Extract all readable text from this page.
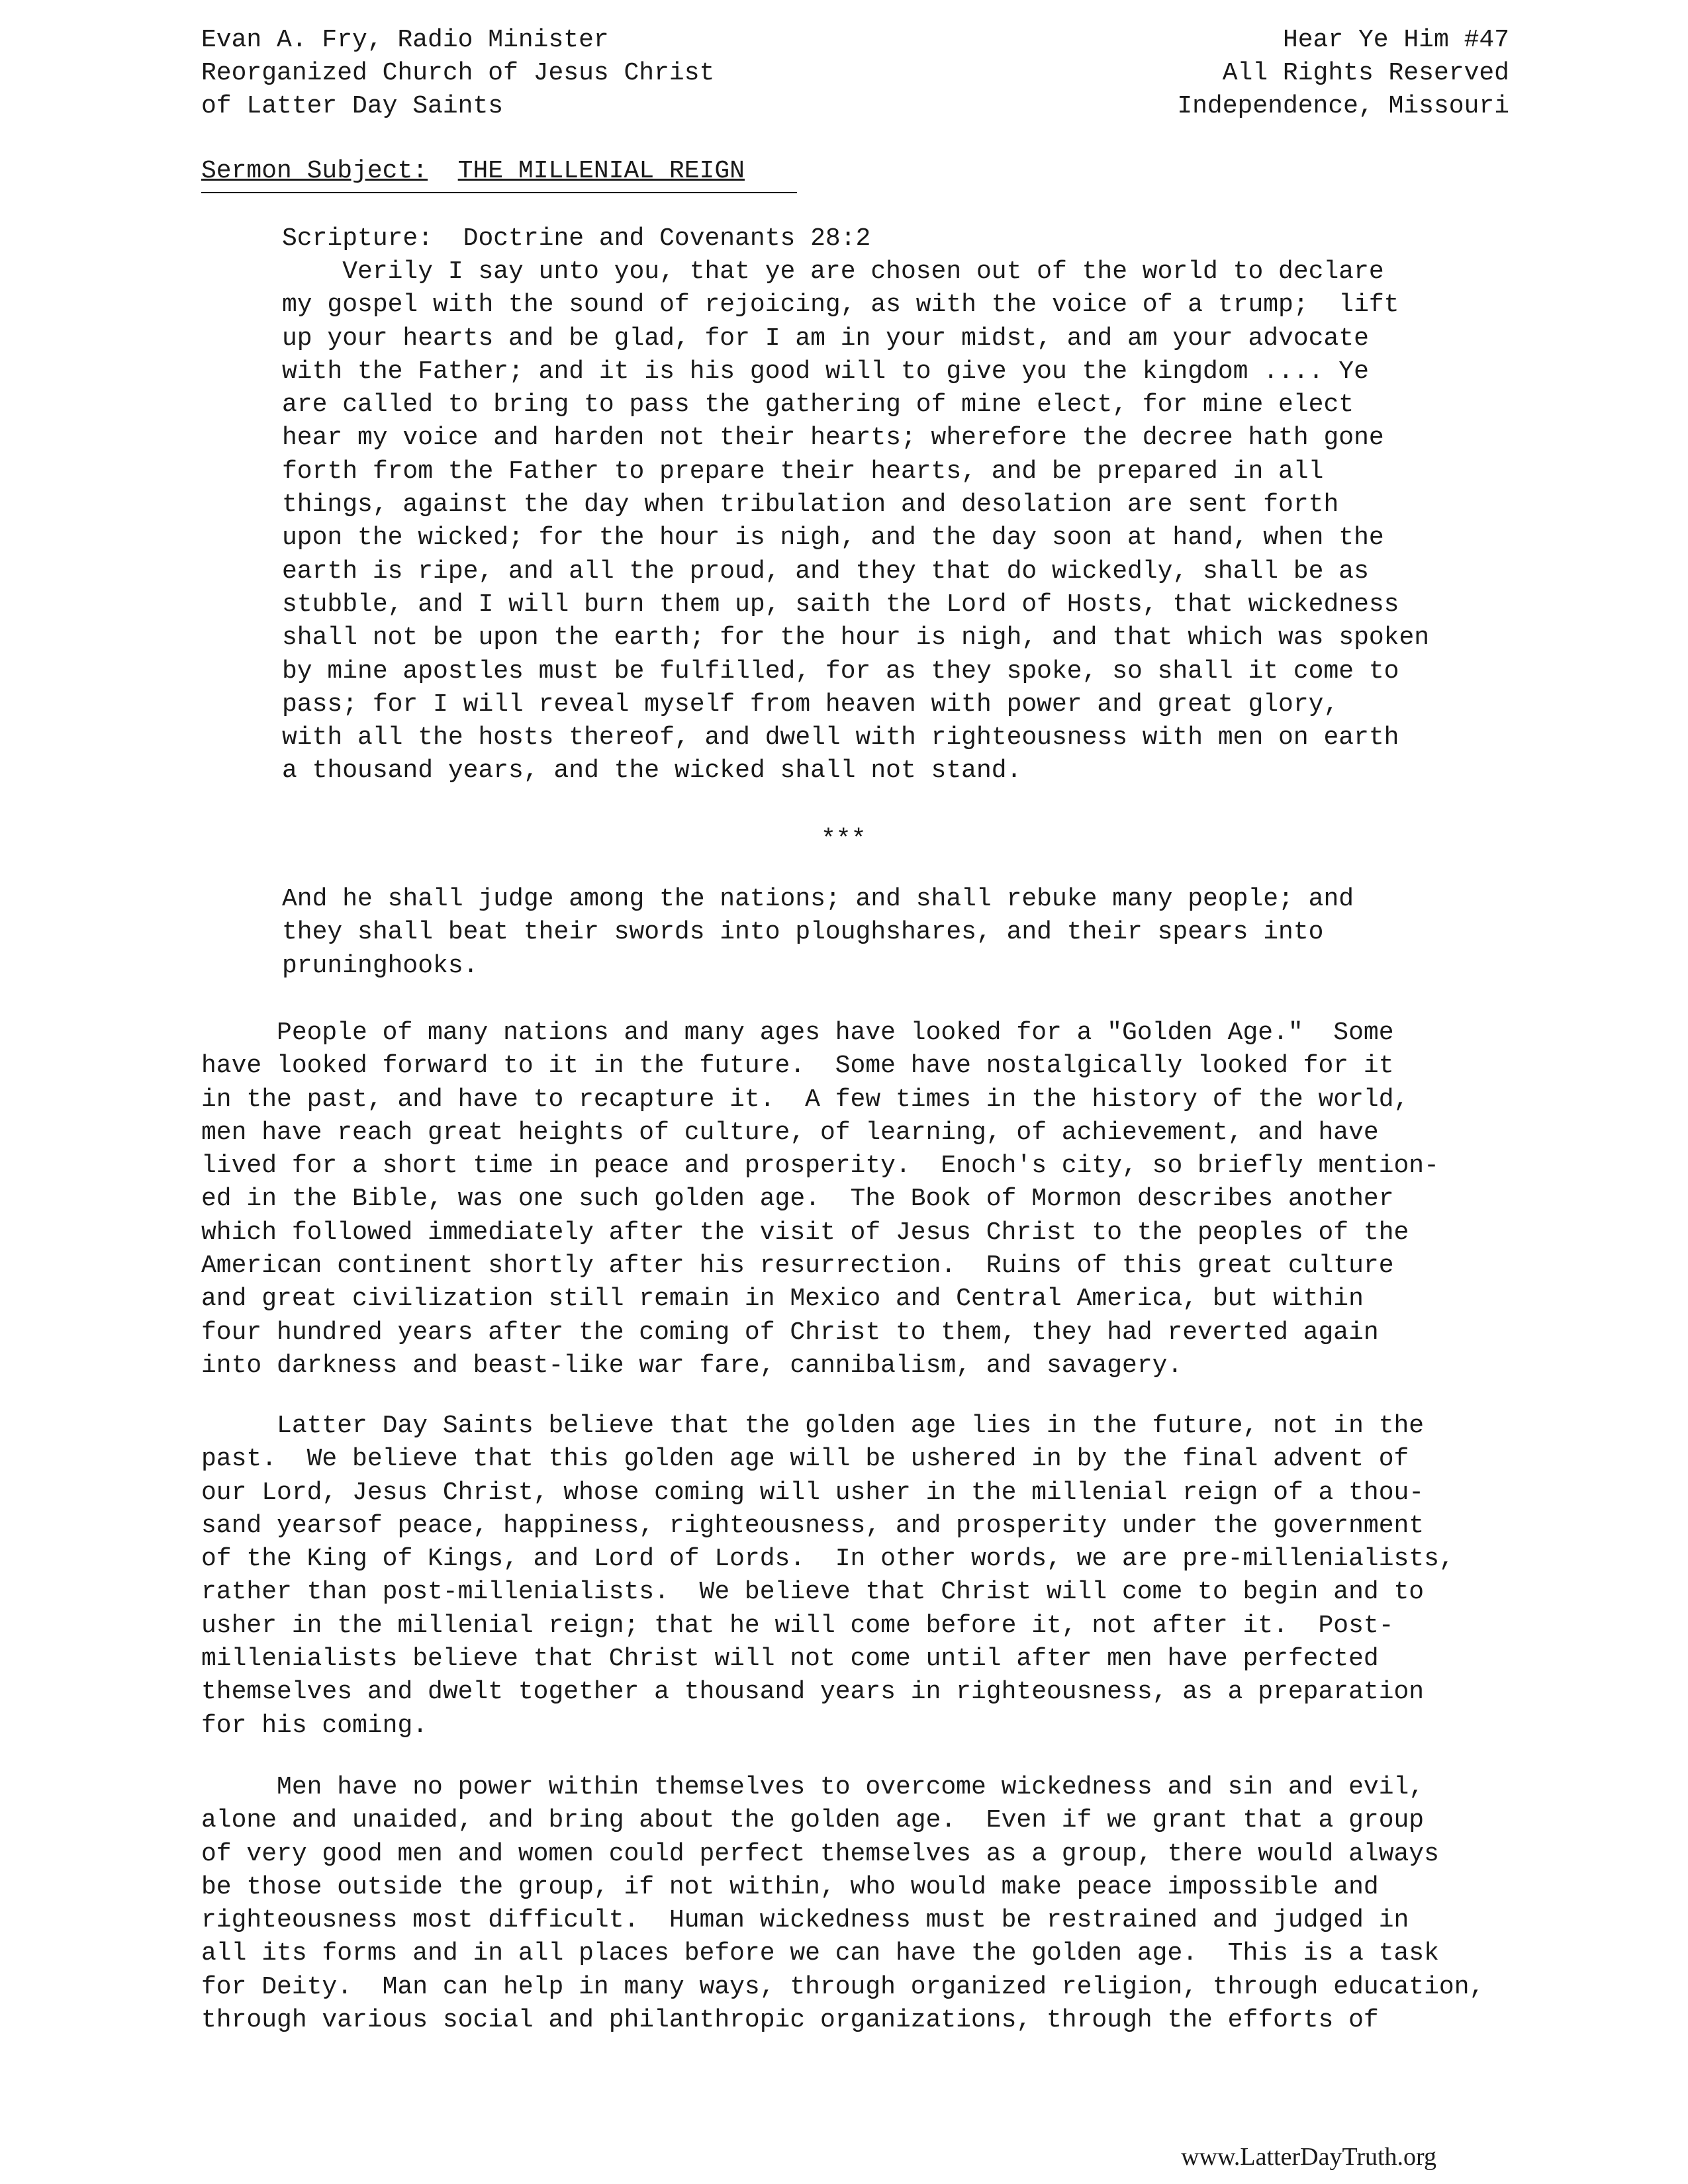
Evan A. Fry, Radio Minister
Reorganized Church of Jesus Christ
of Latter Day Saints
Hear Ye Him #47
All Rights Reserved
Independence, Missouri
Sermon Subject: THE MILLENIAL REIGN
Scripture:  Doctrine and Covenants 28:2
Verily I say unto you, that ye are chosen out of the world to declare
my gospel with the sound of rejoicing, as with the voice of a trump;  lift
up your hearts and be glad, for I am in your midst, and am your advocate
with the Father; and it is his good will to give you the kingdom .... Ye
are called to bring to pass the gathering of mine elect, for mine elect
hear my voice and harden not their hearts; wherefore the decree hath gone
forth from the Father to prepare their hearts, and be prepared in all
things, against the day when tribulation and desolation are sent forth
upon the wicked; for the hour is nigh, and the day soon at hand, when the
earth is ripe, and all the proud, and they that do wickedly, shall be as
stubble, and I will burn them up, saith the Lord of Hosts, that wickedness
shall not be upon the earth; for the hour is nigh, and that which was spoken
by mine apostles must be fulfilled, for as they spoke, so shall it come to
pass; for I will reveal myself from heaven with power and great glory,
with all the hosts thereof, and dwell with righteousness with men on earth
a thousand years, and the wicked shall not stand.
***
And he shall judge among the nations; and shall rebuke many people; and
they shall beat their swords into ploughshares, and their spears into
pruninghooks.
People of many nations and many ages have looked for a "Golden Age."  Some
have looked forward to it in the future.  Some have nostalgically looked for it
in the past, and have to recapture it.  A few times in the history of the world,
men have reach great heights of culture, of learning, of achievement, and have
lived for a short time in peace and prosperity.  Enoch's city, so briefly mention-
ed in the Bible, was one such golden age.  The Book of Mormon describes another
which followed immediately after the visit of Jesus Christ to the peoples of the
American continent shortly after his resurrection.  Ruins of this great culture
and great civilization still remain in Mexico and Central America, but within
four hundred years after the coming of Christ to them, they had reverted again
into darkness and beast-like war fare, cannibalism, and savagery.
Latter Day Saints believe that the golden age lies in the future, not in the
past.  We believe that this golden age will be ushered in by the final advent of
our Lord, Jesus Christ, whose coming will usher in the millenial reign of a thou-
sand yearsof peace, happiness, righteousness, and prosperity under the government
of the King of Kings, and Lord of Lords.  In other words, we are pre-millenialists,
rather than post-millenialists.  We believe that Christ will come to begin and to
usher in the millenial reign; that he will come before it, not after it.  Post-
millenialists believe that Christ will not come until after men have perfected
themselves and dwelt together a thousand years in righteousness, as a preparation
for his coming.
Men have no power within themselves to overcome wickedness and sin and evil,
alone and unaided, and bring about the golden age.  Even if we grant that a group
of very good men and women could perfect themselves as a group, there would always
be those outside the group, if not within, who would make peace impossible and
righteousness most difficult.  Human wickedness must be restrained and judged in
all its forms and in all places before we can have the golden age.  This is a task
for Deity.  Man can help in many ways, through organized religion, through education,
through various social and philanthropic organizations, through the efforts of
www.LatterDayTruth.org
